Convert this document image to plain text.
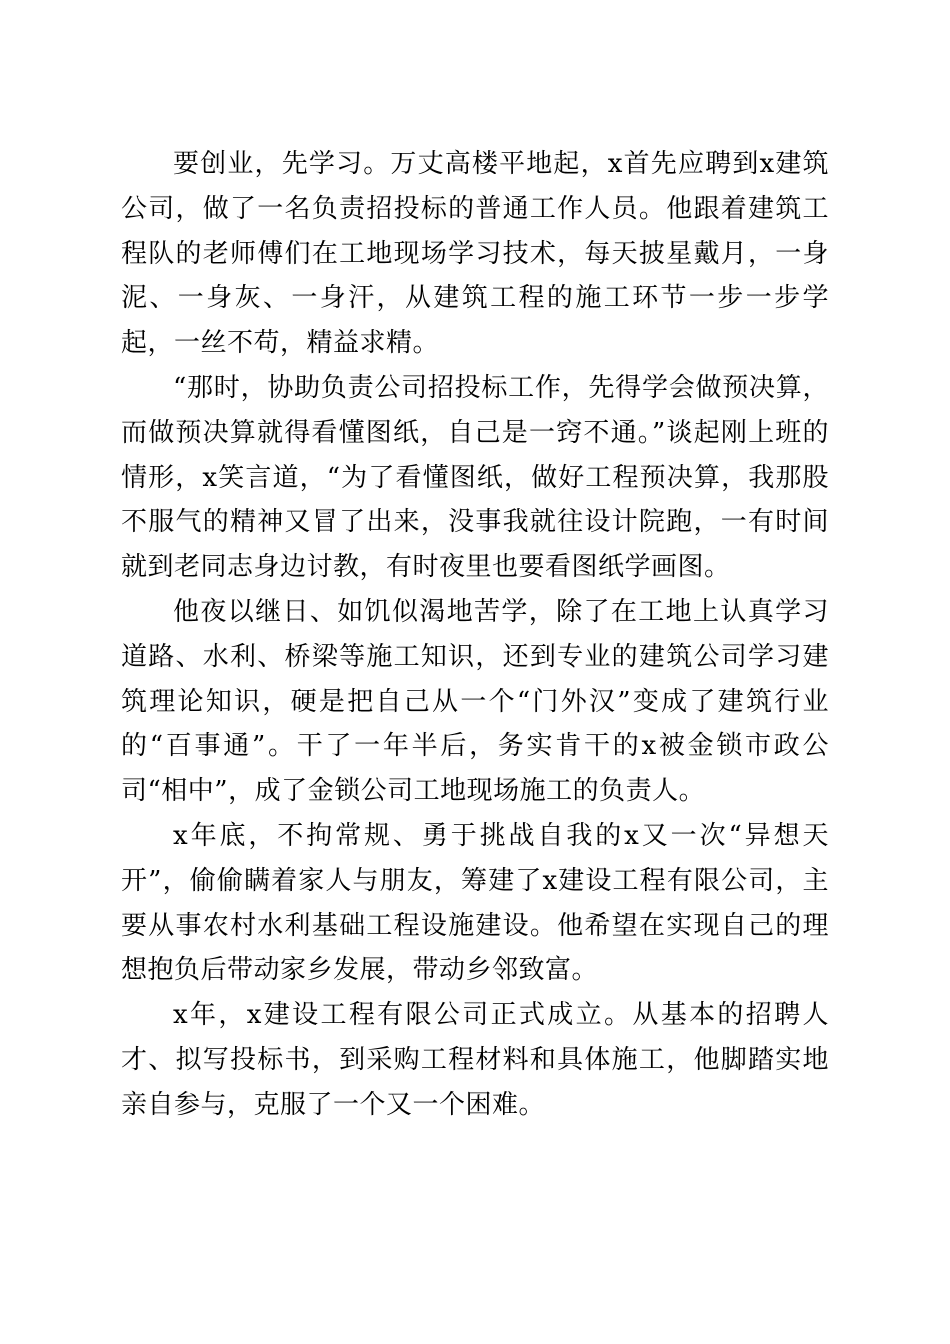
要创业，先学习。万丈高楼平地起，x首先应聘到x建筑公司，做了一名负责招投标的普通工作人员。他跟着建筑工程队的老师傅们在工地现场学习技术，每天披星戴月，一身泥、一身灰、一身汗，从建筑工程的施工环节一步一步学起，一丝不苟，精益求精。

“那时，协助负责公司招投标工作，先得学会做预决算，而做预决算就得看懂图纸，自己是一窍不通。”谈起刚上班的情形，x笑言道，“为了看懂图纸，做好工程预决算，我那股不服气的精神又冒了出来，没事我就往设计院跑，一有时间就到老同志身边讨教，有时夜里也要看图纸学画图。

他夜以继日、如饥似渴地苦学，除了在工地上认真学习道路、水利、桥梁等施工知识，还到专业的建筑公司学习建筑理论知识，硬是把自己从一个“门外汉”变成了建筑行业的“百事通”。干了一年半后，务实肯干的x被金锁市政公司“相中”，成了金锁公司工地现场施工的负责人。

x年底，不拘常规、勇于挑战自我的x又一次“异想天开”，偷偷瞒着家人与朋友，筹建了x建设工程有限公司，主要从事农村水利基础工程设施建设。他希望在实现自己的理想抱负后带动家乡发展，带动乡邻致富。

x年，x建设工程有限公司正式成立。从基本的招聘人才、拟写投标书，到采购工程材料和具体施工，他脚踏实地亲自参与，克服了一个又一个困难。
